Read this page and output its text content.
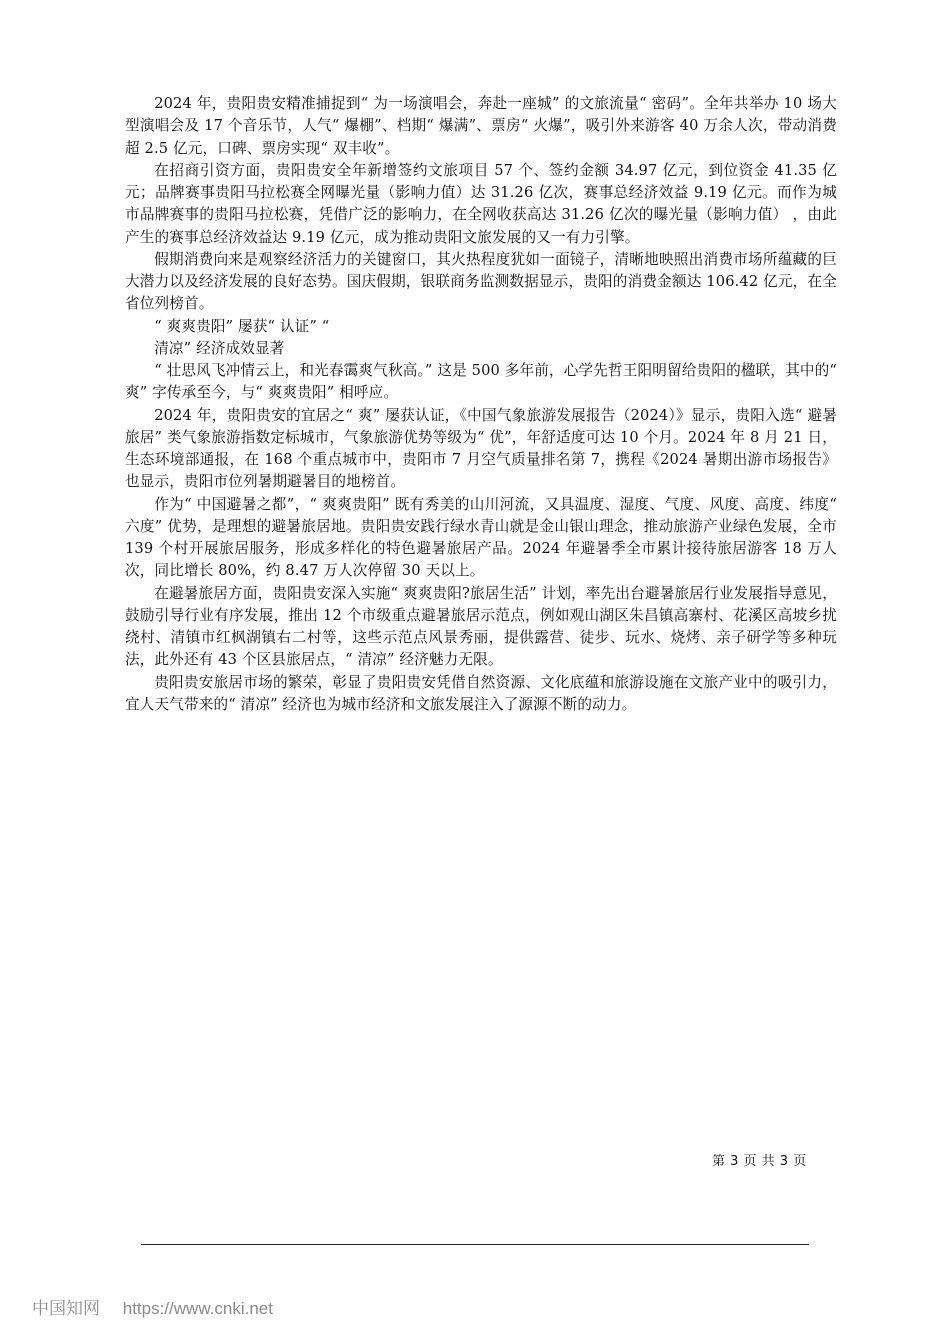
2024 年，贵阳贵安精准捕捉到“ 为一场演唱会，奔赴一座城” 的文旅流量“ 密码”。全年共举办 10 场大型演唱会及 17 个音乐节，人气“ 爆棚”、档期“ 爆满”、票房“ 火爆”，吸引外来游客 40 万余人次，带动消费超 2.5 亿元，口碑、票房实现“ 双丰收”。

在招商引资方面，贵阳贵安全年新增签约文旅项目 57 个、签约金额 34.97 亿元，到位资金 41.35 亿元；品牌赛事贵阳马拉松赛全网曝光量（影响力值）达 31.26 亿次，赛事总经济效益 9.19 亿元。而作为城市品牌赛事的贵阳马拉松赛，凭借广泛的影响力，在全网收获高达 31.26 亿次的曝光量（影响力值） ，由此产生的赛事总经济效益达 9.19 亿元，成为推动贵阳文旅发展的又一有力引擎。

假期消费向来是观察经济活力的关键窗口，其火热程度犹如一面镜子，清晰地映照出消费市场所蕴藏的巨大潜力以及经济发展的良好态势。国庆假期，银联商务监测数据显示，贵阳的消费金额达 106.42 亿元，在全省位列榜首。

“ 爽爽贵阳” 屡获“ 认证” “

清凉” 经济成效显著

“ 壮思风飞冲情云上，和光春霭爽气秋高。” 这是 500 多年前，心学先哲王阳明留给贵阳的楹联，其中的“ 爽” 字传承至今，与“ 爽爽贵阳” 相呼应。

2024 年，贵阳贵安的宜居之“ 爽” 屡获认证，《中国气象旅游发展报告（2024）》显示，贵阳入选“ 避暑旅居” 类气象旅游指数定标城市，气象旅游优势等级为“ 优”，年舒适度可达 10 个月。2024 年 8 月 21 日，生态环境部通报，在 168 个重点城市中，贵阳市 7 月空气质量排名第 7，携程《2024 暑期出游市场报告》也显示，贵阳市位列暑期避暑目的地榜首。

作为“ 中国避暑之都”，“ 爽爽贵阳” 既有秀美的山川河流，又具温度、湿度、气度、风度、高度、纬度“ 六度” 优势，是理想的避暑旅居地。贵阳贵安践行绿水青山就是金山银山理念，推动旅游产业绿色发展，全市 139 个村开展旅居服务，形成多样化的特色避暑旅居产品。2024 年避暑季全市累计接待旅居游客 18 万人次，同比增长 80%，约 8.47 万人次停留 30 天以上。

在避暑旅居方面，贵阳贵安深入实施“ 爽爽贵阳?旅居生活” 计划，率先出台避暑旅居行业发展指导意见，鼓励引导行业有序发展，推出 12 个市级重点避暑旅居示范点，例如观山湖区朱昌镇高寨村、花溪区高坡乡扰绕村、清镇市红枫湖镇右二村等，这些示范点风景秀丽，提供露营、徒步、玩水、烧烤、亲子研学等多种玩法，此外还有 43 个区县旅居点，“ 清凉” 经济魅力无限。

贵阳贵安旅居市场的繁荣，彰显了贵阳贵安凭借自然资源、文化底蕴和旅游设施在文旅产业中的吸引力，宜人天气带来的“ 清凉” 经济也为城市经济和文旅发展注入了源源不断的动力。

第 3 页 共 3 页
中国知网 https://www.cnki.net
